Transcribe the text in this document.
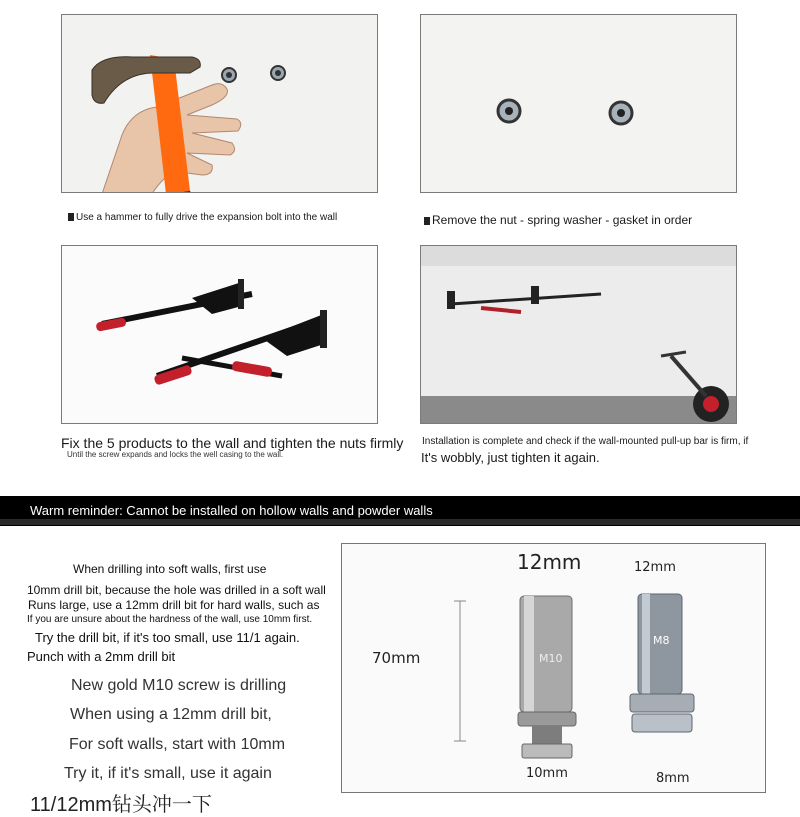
Use a hammer to fully drive the expansion bolt into the wall	Remove the nut - spring washer - gasket in order
Fix the 5 products to the wall and tighten the nuts firmly
Until the screw expands and locks the well casing to the wall.
Installation is complete and check if the wall-mounted pull-up bar is firm, if
It's wobbly, just tighten it again.
Warm reminder: Cannot be installed on hollow walls and powder walls
When drilling into soft walls, first use
10mm drill bit, because the hole was drilled in a soft wall
Runs large, use a 12mm drill bit for hard walls, such as
If you are unsure about the hardness of the wall, use 10mm first.
Try the drill bit, if it's too small, use 11/1 again.
Punch with a 2mm drill bit
New gold M10 screw is drilling
When using a 12mm drill bit,
For soft walls, start with 10mm
Try it, if it's small, use it again
11/12mm钻头冲一下
12mm
70mm	M10
10mm
12mm
M8
8mm
